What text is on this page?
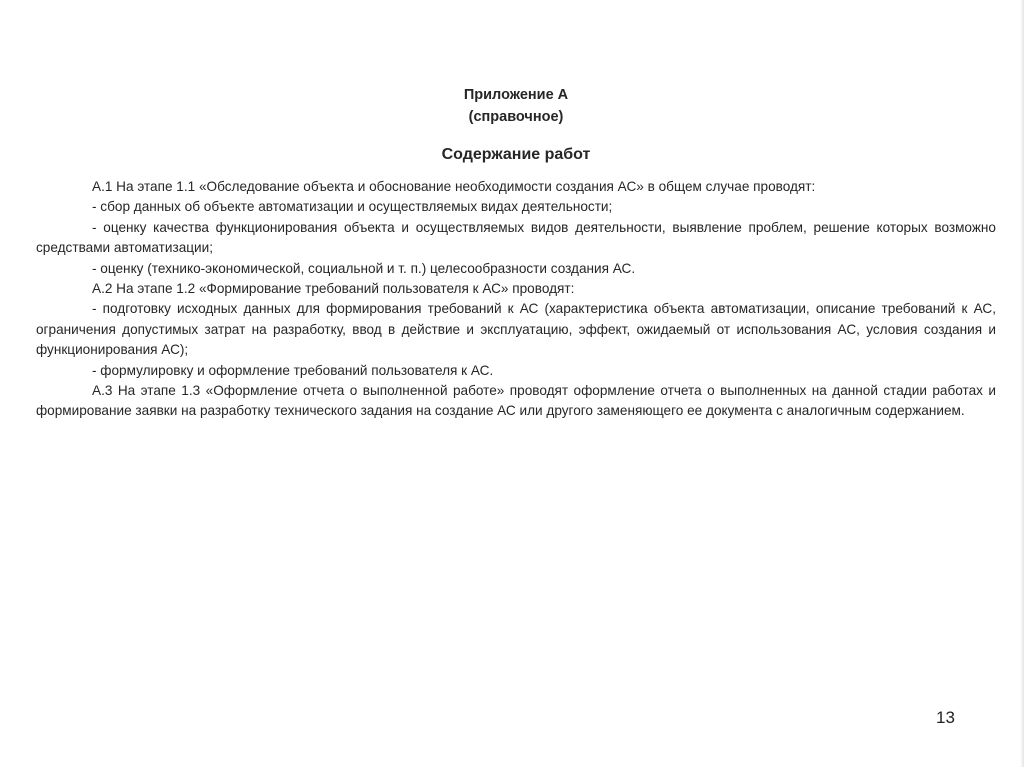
Приложение А

(справочное)

Содержание работ

А.1 На этапе 1.1 «Обследование объекта и обоснование необходимости создания АС» в общем случае проводят:

- сбор данных об объекте автоматизации и осуществляемых видах деятельности;

- оценку качества функционирования объекта и осуществляемых видов деятельности, выявление проблем, решение которых возможно средствами автоматизации;

- оценку (технико-экономической, социальной и т. п.) целесообразности создания АС.

А.2 На этапе 1.2 «Формирование требований пользователя к АС» проводят:

- подготовку исходных данных для формирования требований к АС (характеристика объекта автоматизации, описание требований к АС, ограничения допустимых затрат на разработку, ввод в действие и эксплуатацию, эффект, ожидаемый от использования АС, условия создания и функционирования АС);

- формулировку и оформление требований пользователя к АС.

А.3 На этапе 1.3 «Оформление отчета о выполненной работе» проводят оформление отчета о выполненных на данной стадии работах и формирование заявки на разработку технического задания на создание АС или другого заменяющего ее документа с аналогичным содержанием.

13
